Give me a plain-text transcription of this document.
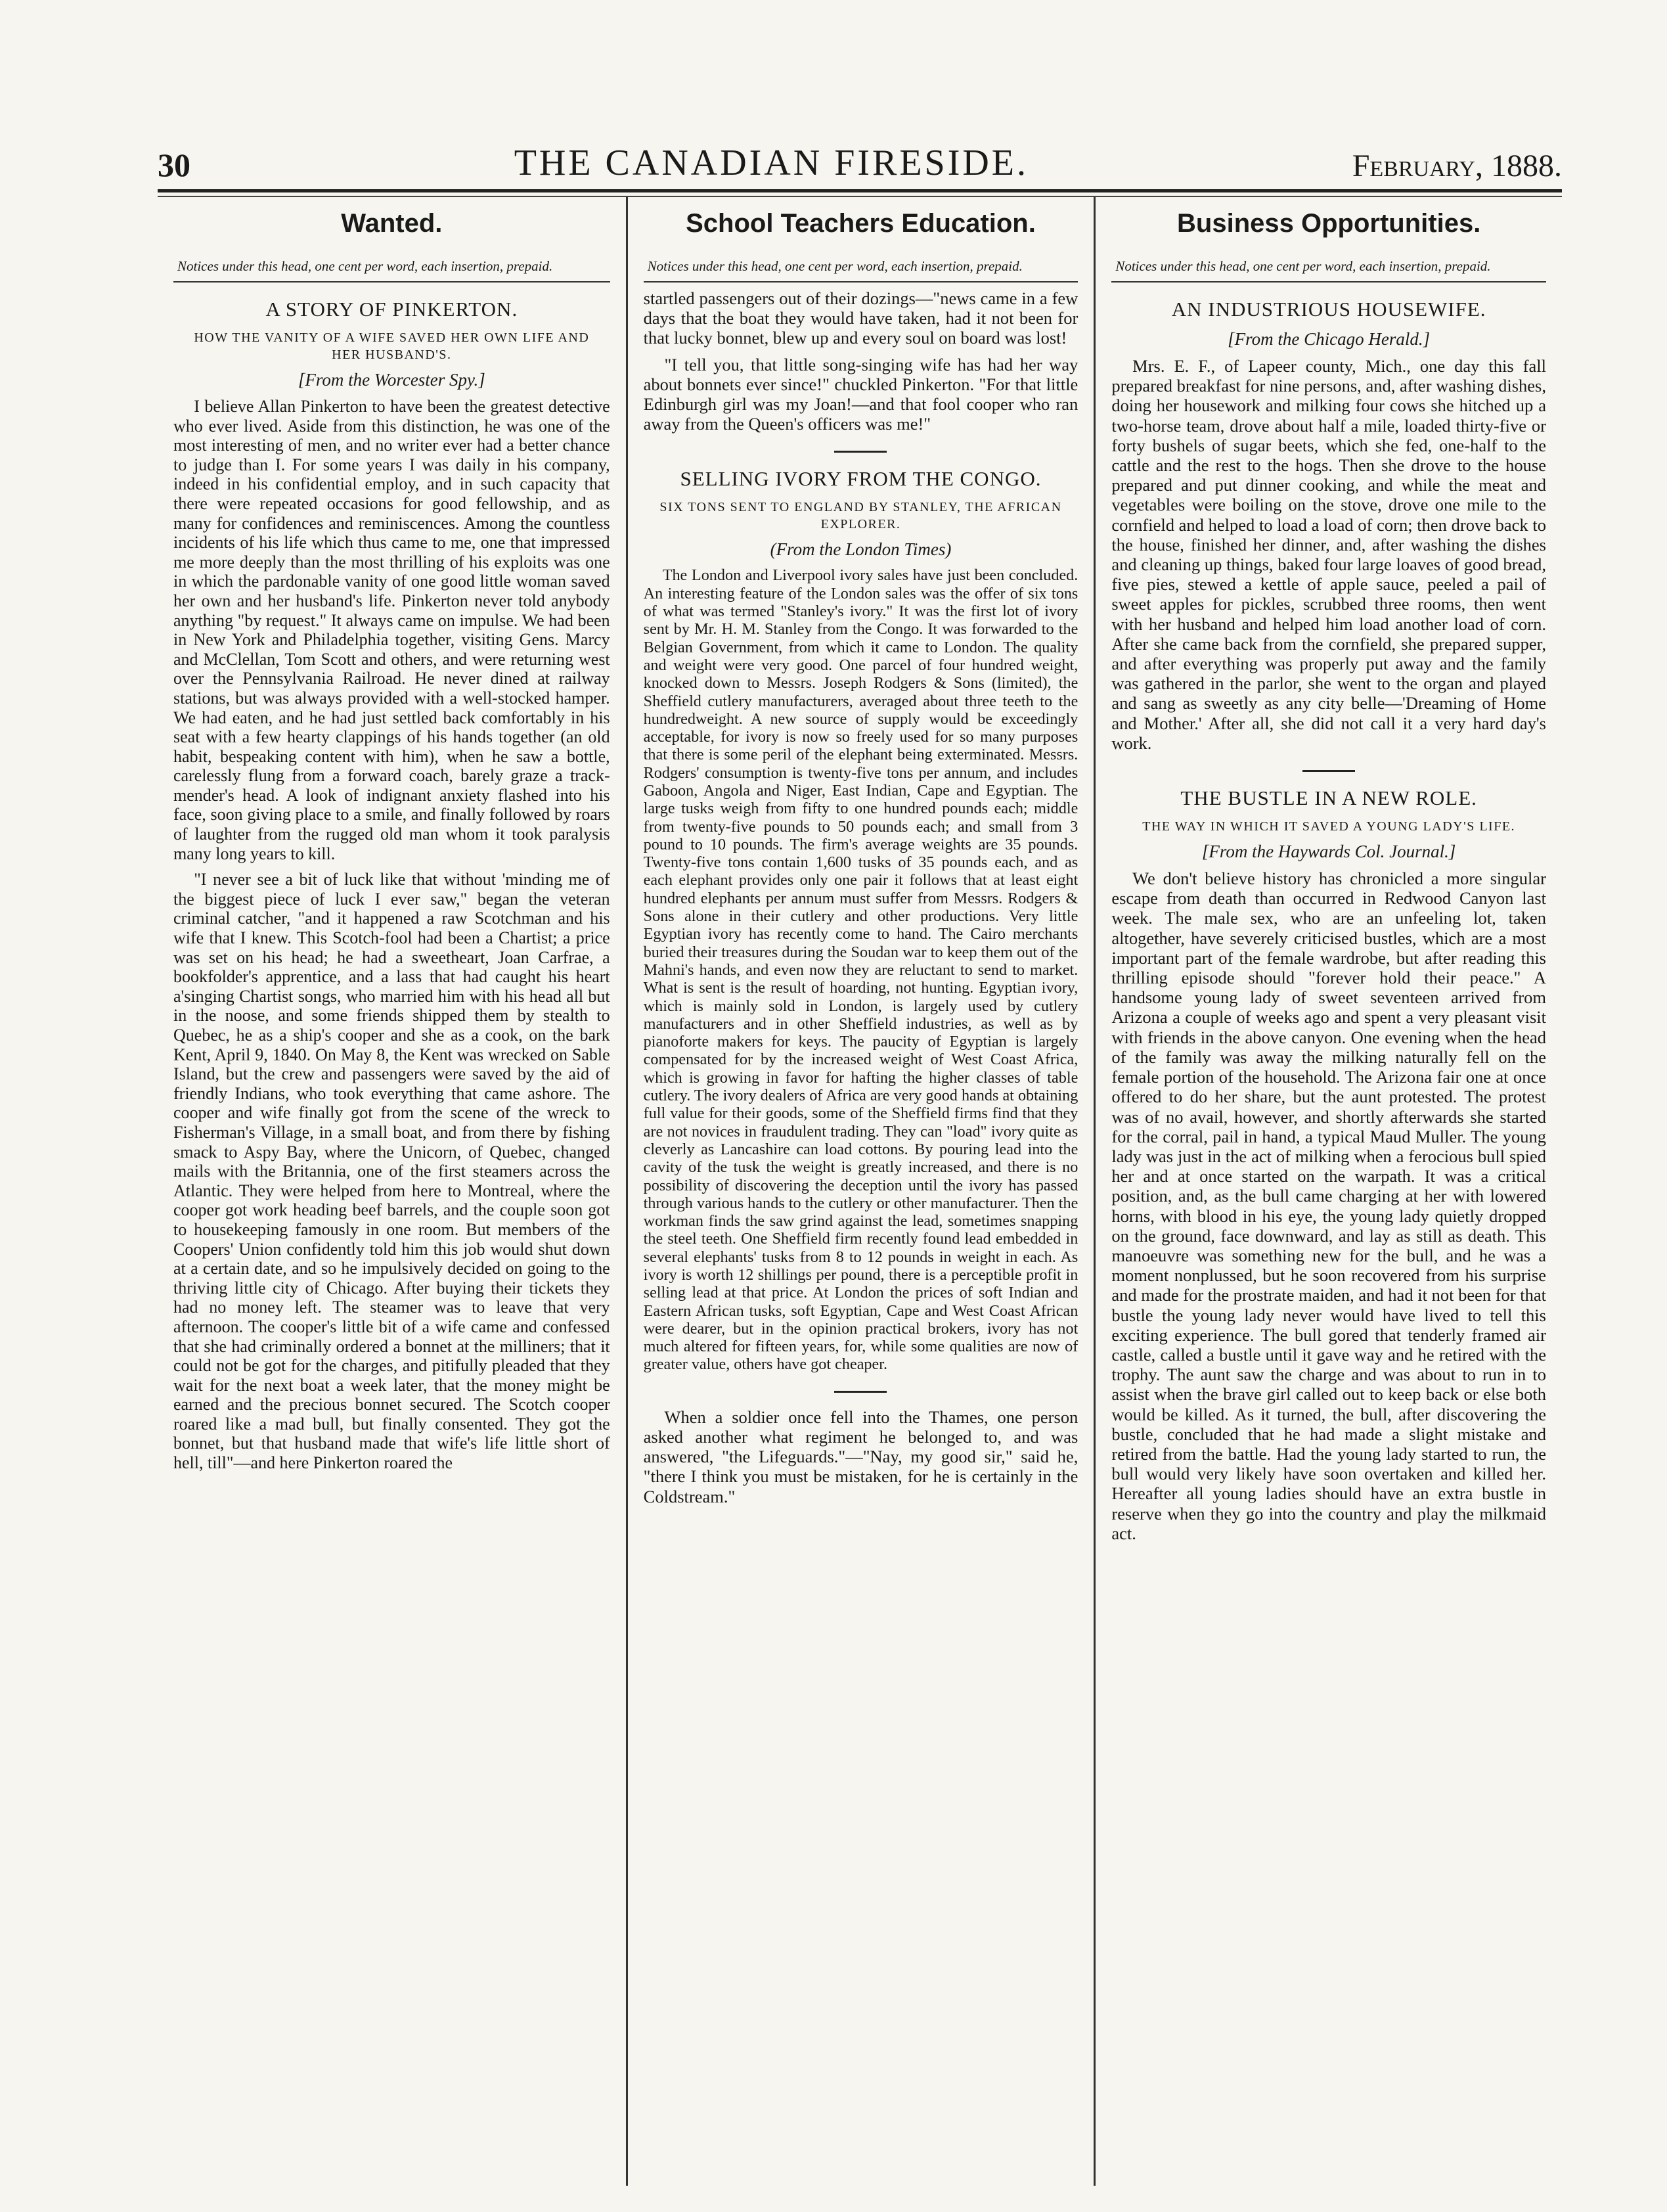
30	THE CANADIAN FIRESIDE.	February, 1888.
Wanted.
Notices under this head, one cent per word, each insertion, prepaid.
A STORY OF PINKERTON.
HOW THE VANITY OF A WIFE SAVED HER OWN LIFE AND HER HUSBAND'S.
[From the Worcester Spy.]

I believe Allan Pinkerton to have been the greatest detective who ever lived. Aside from this distinction, he was one of the most interesting of men, and no writer ever had a better chance to judge than I. For some years I was daily in his company, indeed in his confidential employ, and in such capacity that there were repeated occasions for good fellowship, and as many for confidences and reminiscences. Among the countless incidents of his life which thus came to me, one that impressed me more deeply than the most thrilling of his exploits was one in which the pardonable vanity of one good little woman saved her own and her husband's life. Pinkerton never told anybody anything "by request." It always came on impulse. We had been in New York and Philadelphia together, visiting Gens. Marcy and McClellan, Tom Scott and others, and were returning west over the Pennsylvania Railroad. He never dined at railway stations, but was always provided with a well-stocked hamper. We had eaten, and he had just settled back comfortably in his seat with a few hearty clappings of his hands together (an old habit, bespeaking content with him), when he saw a bottle, carelessly flung from a forward coach, barely graze a track-mender's head. A look of indignant anxiety flashed into his face, soon giving place to a smile, and finally followed by roars of laughter from the rugged old man whom it took paralysis many long years to kill.

"I never see a bit of luck like that without 'minding me of the biggest piece of luck I ever saw," began the veteran criminal catcher, "and it happened a raw Scotchman and his wife that I knew. This Scotch-fool had been a Chartist; a price was set on his head; he had a sweetheart, Joan Carfrae, a bookfolder's apprentice, and a lass that had caught his heart a'singing Chartist songs, who married him with his head all but in the noose, and some friends shipped them by stealth to Quebec, he as a ship's cooper and she as a cook, on the bark Kent, April 9, 1840. On May 8, the Kent was wrecked on Sable Island, but the crew and passengers were saved by the aid of friendly Indians, who took everything that came ashore. The cooper and wife finally got from the scene of the wreck to Fisherman's Village, in a small boat, and from there by fishing smack to Aspy Bay, where the Unicorn, of Quebec, changed mails with the Britannia, one of the first steamers across the Atlantic. They were helped from here to Montreal, where the cooper got work heading beef barrels, and the couple soon got to housekeeping famously in one room. But members of the Coopers' Union confidently told him this job would shut down at a certain date, and so he impulsively decided on going to the thriving little city of Chicago. After buying their tickets they had no money left. The steamer was to leave that very afternoon. The cooper's little bit of a wife came and confessed that she had criminally ordered a bonnet at the milliners; that it could not be got for the charges, and pitifully pleaded that they wait for the next boat a week later, that the money might be earned and the precious bonnet secured. The Scotch cooper roared like a mad bull, but finally consented. They got the bonnet, but that husband made that wife's life little short of hell, till"—and here Pinkerton roared the

School Teachers Education.
Notices under this head, one cent per word, each insertion, prepaid.

startled passengers out of their dozings—"news came in a few days that the boat they would have taken, had it not been for that lucky bonnet, blew up and every soul on board was lost!

"I tell you, that little song-singing wife has had her way about bonnets ever since!" chuckled Pinkerton. "For that little Edinburgh girl was my Joan!—and that fool cooper who ran away from the Queen's officers was me!"

SELLING IVORY FROM THE CONGO.
SIX TONS SENT TO ENGLAND BY STANLEY, THE AFRICAN EXPLORER.
(From the London Times)

The London and Liverpool ivory sales have just been concluded. An interesting feature of the London sales was the offer of six tons of what was termed "Stanley's ivory." It was the first lot of ivory sent by Mr. H. M. Stanley from the Congo. It was forwarded to the Belgian Government, from which it came to London. The quality and weight were very good. One parcel of four hundred weight, knocked down to Messrs. Joseph Rodgers & Sons (limited), the Sheffield cutlery manufacturers, averaged about three teeth to the hundredweight. A new source of supply would be exceedingly acceptable, for ivory is now so freely used for so many purposes that there is some peril of the elephant being exterminated. Messrs. Rodgers' consumption is twenty-five tons per annum, and includes Gaboon, Angola and Niger, East Indian, Cape and Egyptian. The large tusks weigh from fifty to one hundred pounds each; middle from twenty-five pounds to 50 pounds each; and small from 3 pound to 10 pounds. The firm's average weights are 35 pounds. Twenty-five tons contain 1,600 tusks of 35 pounds each, and as each elephant provides only one pair it follows that at least eight hundred elephants per annum must suffer from Messrs. Rodgers & Sons alone in their cutlery and other productions. Very little Egyptian ivory has recently come to hand. The Cairo merchants buried their treasures during the Soudan war to keep them out of the Mahni's hands, and even now they are reluctant to send to market. What is sent is the result of hoarding, not hunting. Egyptian ivory, which is mainly sold in London, is largely used by cutlery manufacturers and in other Sheffield industries, as well as by pianoforte makers for keys. The paucity of Egyptian is largely compensated for by the increased weight of West Coast Africa, which is growing in favor for hafting the higher classes of table cutlery. The ivory dealers of Africa are very good hands at obtaining full value for their goods, some of the Sheffield firms find that they are not novices in fraudulent trading. They can "load" ivory quite as cleverly as Lancashire can load cottons. By pouring lead into the cavity of the tusk the weight is greatly increased, and there is no possibility of discovering the deception until the ivory has passed through various hands to the cutlery or other manufacturer. Then the workman finds the saw grind against the lead, sometimes snapping the steel teeth. One Sheffield firm recently found lead embedded in several elephants' tusks from 8 to 12 pounds in weight in each. As ivory is worth 12 shillings per pound, there is a perceptible profit in selling lead at that price. At London the prices of soft Indian and Eastern African tusks, soft Egyptian, Cape and West Coast African were dearer, but in the opinion practical brokers, ivory has not much altered for fifteen years, for, while some qualities are now of greater value, others have got cheaper.

When a soldier once fell into the Thames, one person asked another what regiment he belonged to, and was answered, "the Lifeguards."—"Nay, my good sir," said he, "there I think you must be mistaken, for he is certainly in the Coldstream."

Business Opportunities.
Notices under this head, one cent per word, each insertion, prepaid.
AN INDUSTRIOUS HOUSEWIFE.
[From the Chicago Herald.]

Mrs. E. F., of Lapeer county, Mich., one day this fall prepared breakfast for nine persons, and, after washing dishes, doing her housework and milking four cows she hitched up a two-horse team, drove about half a mile, loaded thirty-five or forty bushels of sugar beets, which she fed, one-half to the cattle and the rest to the hogs. Then she drove to the house prepared and put dinner cooking, and while the meat and vegetables were boiling on the stove, drove one mile to the cornfield and helped to load a load of corn; then drove back to the house, finished her dinner, and, after washing the dishes and cleaning up things, baked four large loaves of good bread, five pies, stewed a kettle of apple sauce, peeled a pail of sweet apples for pickles, scrubbed three rooms, then went with her husband and helped him load another load of corn. After she came back from the cornfield, she prepared supper, and after everything was properly put away and the family was gathered in the parlor, she went to the organ and played and sang as sweetly as any city belle—'Dreaming of Home and Mother.' After all, she did not call it a very hard day's work.

THE BUSTLE IN A NEW ROLE.
THE WAY IN WHICH IT SAVED A YOUNG LADY'S LIFE.
[From the Haywards Col. Journal.]

We don't believe history has chronicled a more singular escape from death than occurred in Redwood Canyon last week. The male sex, who are an unfeeling lot, taken altogether, have severely criticised bustles, which are a most important part of the female wardrobe, but after reading this thrilling episode should "forever hold their peace." A handsome young lady of sweet seventeen arrived from Arizona a couple of weeks ago and spent a very pleasant visit with friends in the above canyon. One evening when the head of the family was away the milking naturally fell on the female portion of the household. The Arizona fair one at once offered to do her share, but the aunt protested. The protest was of no avail, however, and shortly afterwards she started for the corral, pail in hand, a typical Maud Muller. The young lady was just in the act of milking when a ferocious bull spied her and at once started on the warpath. It was a critical position, and, as the bull came charging at her with lowered horns, with blood in his eye, the young lady quietly dropped on the ground, face downward, and lay as still as death. This manoeuvre was something new for the bull, and he was a moment nonplussed, but he soon recovered from his surprise and made for the prostrate maiden, and had it not been for that bustle the young lady never would have lived to tell this exciting experience. The bull gored that tenderly framed air castle, called a bustle until it gave way and he retired with the trophy. The aunt saw the charge and was about to run in to assist when the brave girl called out to keep back or else both would be killed. As it turned, the bull, after discovering the bustle, concluded that he had made a slight mistake and retired from the battle. Had the young lady started to run, the bull would very likely have soon overtaken and killed her. Hereafter all young ladies should have an extra bustle in reserve when they go into the country and play the milkmaid act.
